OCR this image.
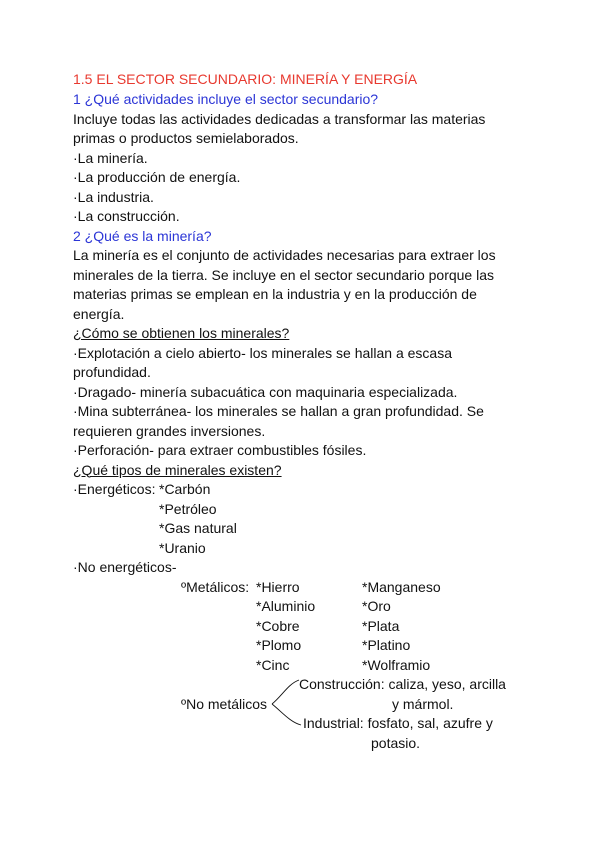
1.5 EL SECTOR SECUNDARIO: MINERÍA Y ENERGÍA
1 ¿Qué actividades incluye el sector secundario?
Incluye todas las actividades dedicadas a transformar las materias
primas o productos semielaborados.
·La minería.
·La producción de energía.
·La industria.
·La construcción.
2 ¿Qué es la minería?
La minería es el conjunto de actividades necesarias para extraer los
minerales de la tierra. Se incluye en el sector secundario porque las
materias primas se emplean en la industria y en la producción de
energía.
¿Cómo se obtienen los minerales?
·Explotación a cielo abierto- los minerales se hallan a escasa
profundidad.
·Dragado- minería subacuática con maquinaria especializada.
·Mina subterránea- los minerales se hallan a gran profundidad. Se
requieren grandes inversiones.
·Perforación- para extraer combustibles fósiles.
¿Qué tipos de minerales existen?
·Energéticos: *Carbón
*Petróleo
*Gas natural
*Uranio
·No energéticos-
ºMetálicos: *Hierro
*Aluminio
*Cobre
*Plomo
*Cinc
*Manganeso
*Oro
*Plata
*Platino
*Wolframio
ºNo metálicos
Construcción: caliza, yeso, arcilla
y mármol.
Industrial: fosfato, sal, azufre y
potasio.
